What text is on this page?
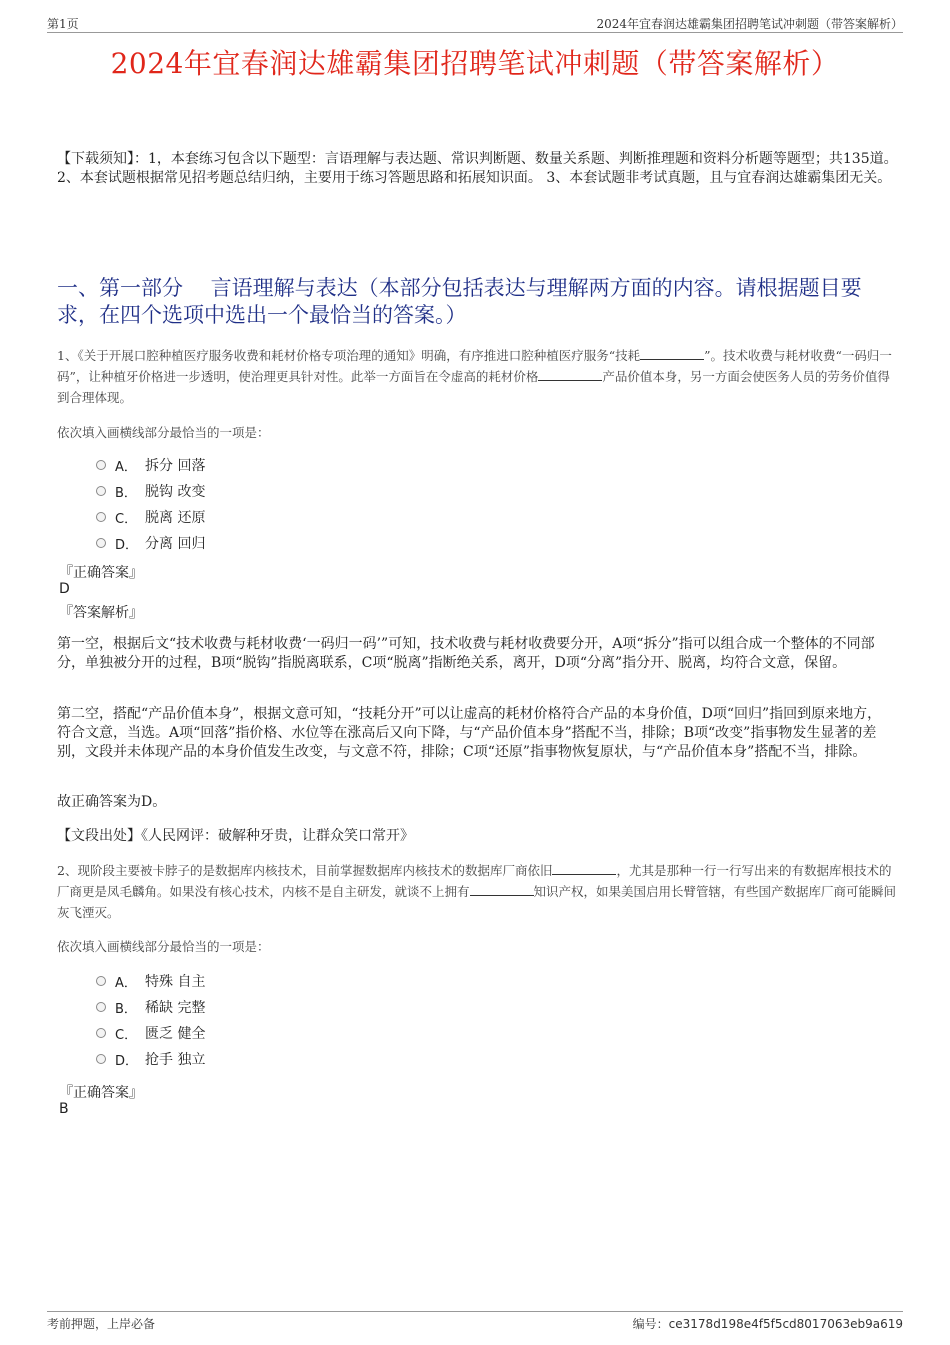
第1页	2024年宜春润达雄霸集团招聘笔试冲刺题（带答案解析）
2024年宜春润达雄霸集团招聘笔试冲刺题（带答案解析）
【下载须知】：1，本套练习包含以下题型：言语理解与表达题、常识判断题、数量关系题、判断推理题和资料分析题等题型；共135道。 2、本套试题根据常见招考题总结归纳，主要用于练习答题思路和拓展知识面。 3、本套试题非考试真题，且与宜春润达雄霸集团无关。
一、第一部分　 言语理解与表达（本部分包括表达与理解两方面的内容。请根据题目要求，在四个选项中选出一个最恰当的答案。）
1、《关于开展口腔种植医疗服务收费和耗材价格专项治理的通知》明确，有序推进口腔种植医疗服务“技耗	”。技术收费与耗材收费“一码归一码”，让种植牙价格进一步透明，使治理更具针对性。此举一方面旨在令虚高的耗材价格	产品价值本身，另一方面会使医务人员的劳务价值得到合理体现。
依次填入画横线部分最恰当的一项是：
A． 拆分 回落
B． 脱钩 改变
C． 脱离 还原
D． 分离 回归
『正确答案』
D
『答案解析』
第一空，根据后文“技术收费与耗材收费‘一码归一码’”可知，技术收费与耗材收费要分开，A项“拆分”指可以组合成一个整体的不同部分，单独被分开的过程，B项“脱钩”指脱离联系，C项“脱离”指断绝关系，离开，D项“分离”指分开、脱离，均符合文意，保留。
第二空，搭配“产品价值本身”，根据文意可知，“技耗分开”可以让虚高的耗材价格符合产品的本身价值，D项“回归”指回到原来地方，符合文意，当选。A项“回落”指价格、水位等在涨高后又向下降，与“产品价值本身”搭配不当，排除；B项“改变”指事物发生显著的差别，文段并未体现产品的本身价值发生改变，与文意不符，排除；C项“还原”指事物恢复原状，与“产品价值本身”搭配不当，排除。
故正确答案为D。
【文段出处】《人民网评：破解种牙贵，让群众笑口常开》
2、现阶段主要被卡脖子的是数据库内核技术，目前掌握数据库内核技术的数据库厂商依旧	，尤其是那种一行一行写出来的有数据库根技术的厂商更是凤毛麟角。如果没有核心技术，内核不是自主研发，就谈不上拥有	知识产权，如果美国启用长臂管辖，有些国产数据库厂商可能瞬间灰飞湮灭。
依次填入画横线部分最恰当的一项是：
A． 特殊 自主
B． 稀缺 完整
C． 匮乏 健全
D． 抢手 独立
『正确答案』
B
考前押题，上岸必备	编号：ce3178d198e4f5f5cd8017063eb9a619
